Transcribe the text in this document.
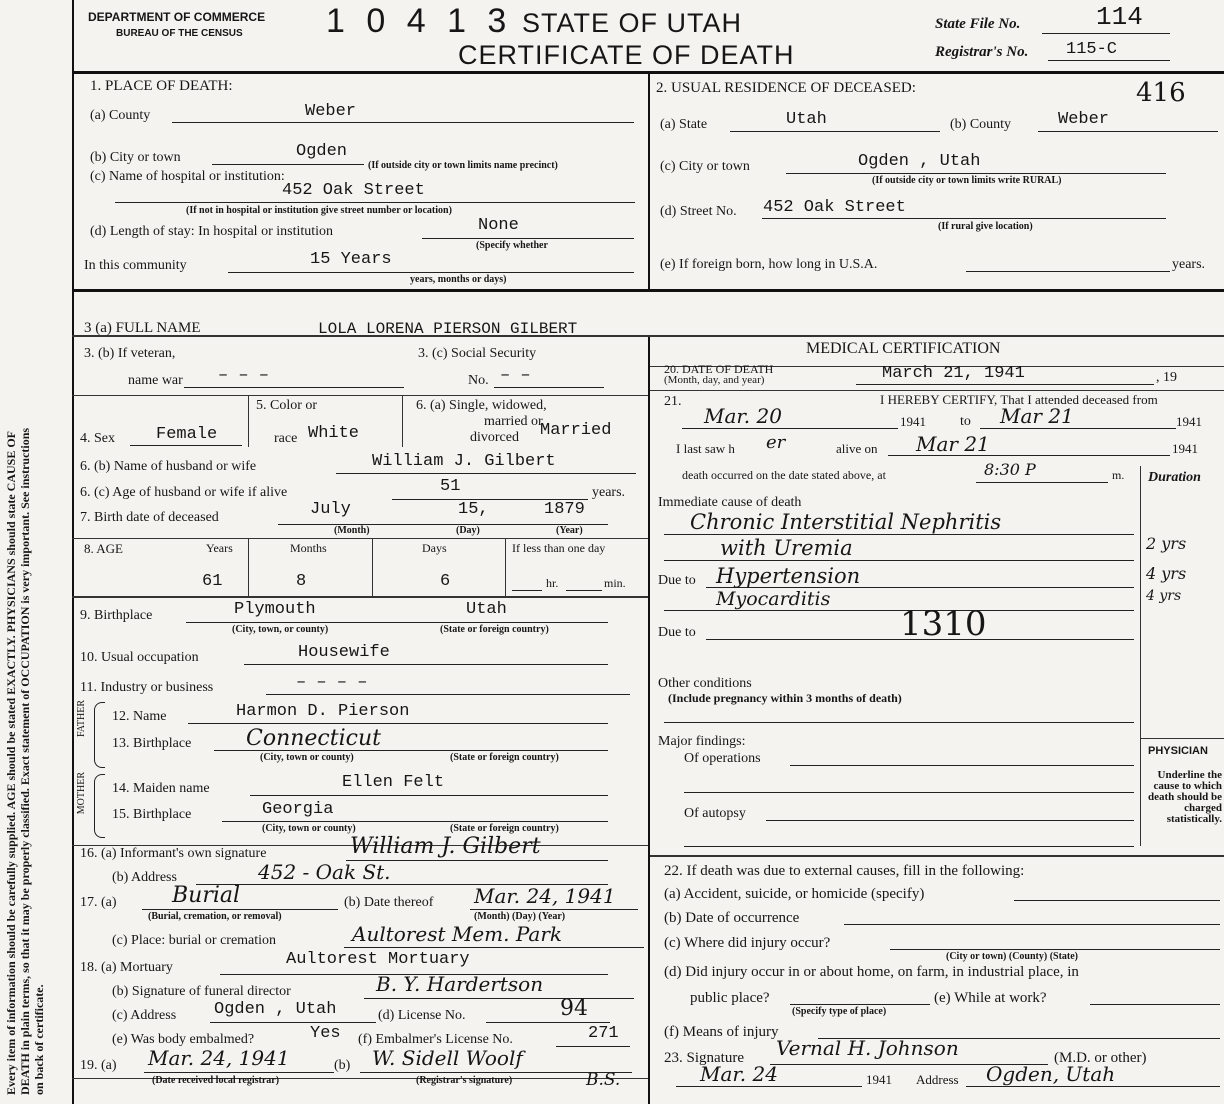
Every item of information should be carefully supplied. AGE should be stated EXACTLY. PHYSICIANS should state CAUSE OF DEATH in plain terms, so that it may be properly classified. Exact statement of OCCUPATION is very important. See instructions on back of certificate.
DEPARTMENT OF COMMERCE
BUREAU OF THE CENSUS 1 0 4 1 3 STATE OF UTAH
CERTIFICATE OF DEATH
State File No.	114
Registrar's No. 115-C
1. PLACE OF DEATH:
(a) County	Weber
(b) City or town	Ogden
(If outside city or town limits name precinct)
(c) Name of hospital or institution:
452 Oak Street
(If not in hospital or institution give street number or location)
(d) Length of stay: In hospital or institution	None
(Specify whether
In this community	15 Years
years, months or days)
2. USUAL RESIDENCE OF DECEASED:	416
(a) State	Utah	(b) County	Weber
(c) City or town	Ogden , Utah
(If outside city or town limits write RURAL)
(d) Street No. 452 Oak Street
(If rural give location)
(e) If foreign born, how long in U.S.A.	years.
3 (a) FULL NAME	LOLA LORENA PIERSON GILBERT
3. (b) If veteran,
name war – – –
3. (c) Social Security
No. – –
5. Color or
race White
6. (a) Single, widowed,
married or
divorced Married
4. Sex Female
6. (b) Name of husband or wife	William J. Gilbert
6. (c) Age of husband or wife if alive	51	years.
7. Birth date of deceased	July	15,	1879
(Month)	(Day)	(Year)
8. AGE	Years	Months	Days	If less than one day
61	8	6	hr.	min.
9. Birthplace	Plymouth	Utah
(City, town, or county)	(State or foreign country)
10. Usual occupation	Housewife
11. Industry or business	– – – –
FATHER
MOTHER
12. Name	Harmon D. Pierson
13. Birthplace Connecticut
(City, town or county)	(State or foreign country)
14. Maiden name	Ellen Felt
15. Birthplace	Georgia
(City, town or county)	(State or foreign country)
16. (a) Informant's own signature	William J. Gilbert
(b) Address	452 - Oak St.
17. (a)	Burial
(Burial, cremation, or removal)
(b) Date thereof Mar. 24, 1941
(Month) (Day) (Year)
(c) Place: burial or cremation	Aultorest Mem. Park
18. (a) Mortuary	Aultorest Mortuary
(b) Signature of funeral director	B. Y. Hardertson
(c) Address Ogden , Utah	(d) License No.	94
(e) Was body embalmed?	Yes (f) Embalmer's License No.	271
19. (a) Mar. 24, 1941
(Date received local registrar)
(b) W. Sidell Woolf
(Registrar's signature)	B.S.
MEDICAL CERTIFICATION
20. DATE OF DEATH
(Month, day, and year)	March 21, 1941	, 19
21.	I HEREBY CERTIFY, That I attended deceased from
Mar. 20	1941 to Mar 21	1941
I last saw h er	alive on Mar 21	1941
death occurred on the date stated above, at	8:30 P	m. Duration
Immediate cause of death
Chronic Interstitial Nephritis
with Uremia	2 yrs
Due to Hypertension	4 yrs
Myocarditis	4 yrs
Due to	1310
Other conditions
(Include pregnancy within 3 months of death)
Major findings:
Of operations
Of autopsy
PHYSICIAN
Underline the cause to which death should be charged statistically.
22. If death was due to external causes, fill in the following:
(a) Accident, suicide, or homicide (specify)
(b) Date of occurrence
(c) Where did injury occur?
(City or town) (County) (State)
(d) Did injury occur in or about home, on farm, in industrial place, in
public place?
(Specify type of place)
(e) While at work?
(f) Means of injury
23. Signature Vernal H. Johnson	(M.D. or other)
Mar. 24	1941 Address Ogden, Utah
